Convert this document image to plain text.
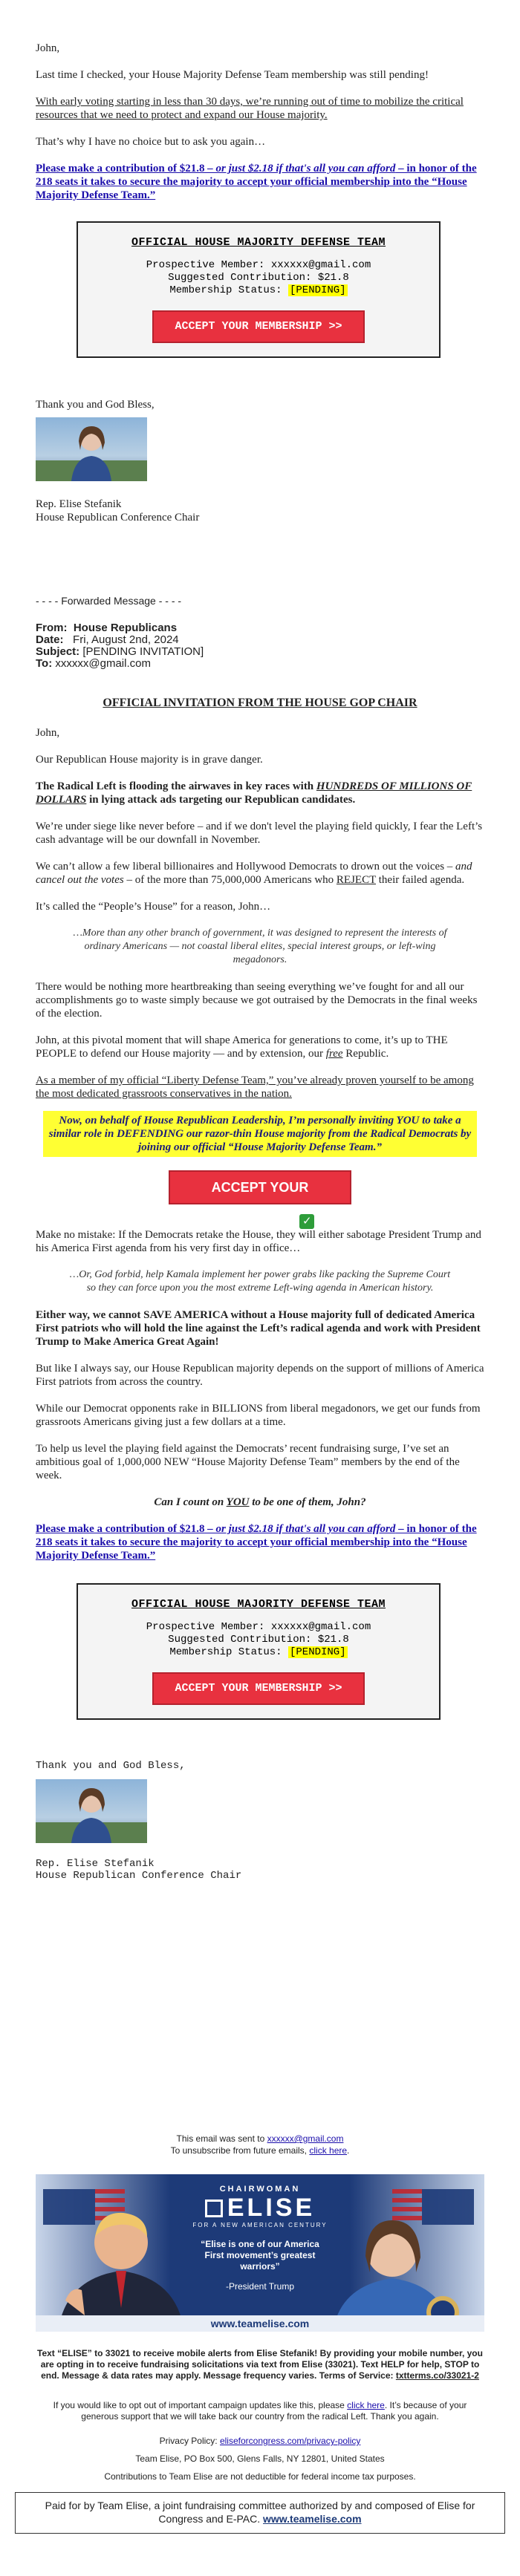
John,

Last time I checked, your House Majority Defense Team membership was still pending!

With early voting starting in less than 30 days, we’re running out of time to mobilize the critical resources that we need to protect and expand our House majority.

That’s why I have no choice but to ask you again…

Please make a contribution of $21.8 – or just $2.18 if that's all you can afford – in honor of the 218 seats it takes to secure the majority to accept your official membership into the “House Majority Defense Team.”

OFFICIAL HOUSE MAJORITY DEFENSE TEAM
Prospective Member: xxxxxx@gmail.com
Suggested Contribution: $21.8
Membership Status: [PENDING]
ACCEPT YOUR MEMBERSHIP >>

Thank you and God Bless,

Rep. Elise Stefanik

House Republican Conference Chair

- - - - Forwarded Message - - - -

From: House Republicans
Date: Fri, August 2nd, 2024
Subject: [PENDING INVITATION]
To: xxxxxx@gmail.com

OFFICIAL INVITATION FROM THE HOUSE GOP CHAIR

John,

Our Republican House majority is in grave danger.

The Radical Left is flooding the airwaves in key races with HUNDREDS OF MILLIONS OF DOLLARS in lying attack ads targeting our Republican candidates.

We’re under siege like never before – and if we don't level the playing field quickly, I fear the Left’s cash advantage will be our downfall in November.

We can’t allow a few liberal billionaires and Hollywood Democrats to drown out the voices – and cancel out the votes – of the more than 75,000,000 Americans who REJECT their failed agenda.

It’s called the “People’s House” for a reason, John…

…More than any other branch of government, it was designed to represent the interests of ordinary Americans — not coastal liberal elites, special interest groups, or left-wing megadonors.

There would be nothing more heartbreaking than seeing everything we’ve fought for and all our accomplishments go to waste simply because we got outraised by the Democrats in the final weeks of the election.

John, at this pivotal moment that will shape America for generations to come, it’s up to THE PEOPLE to defend our House majority — and by extension, our free Republic.

As a member of my official “Liberty Defense Team,” you’ve already proven yourself to be among the most dedicated grassroots conservatives in the nation.

Now, on behalf of House Republican Leadership, I’m personally inviting YOU to take a similar role in DEFENDING our razor-thin House majority from the Radical Democrats by joining our official “House Majority Defense Team.”

ACCEPT YOUR MEMBERSHIP ✓

Make no mistake: If the Democrats retake the House, they will either sabotage President Trump and his America First agenda from his very first day in office…

…Or, God forbid, help Kamala implement her power grabs like packing the Supreme Court so they can force upon you the most extreme Left-wing agenda in American history.

Either way, we cannot SAVE AMERICA without a House majority full of dedicated America First patriots who will hold the line against the Left’s radical agenda and work with President Trump to Make America Great Again!

But like I always say, our House Republican majority depends on the support of millions of America First patriots from across the country.

While our Democrat opponents rake in BILLIONS from liberal megadonors, we get our funds from grassroots Americans giving just a few dollars at a time.

To help us level the playing field against the Democrats’ recent fundraising surge, I’ve set an ambitious goal of 1,000,000 NEW “House Majority Defense Team” members by the end of the week.

Can I count on YOU to be one of them, John?

Please make a contribution of $21.8 – or just $2.18 if that's all you can afford – in honor of the 218 seats it takes to secure the majority to accept your official membership into the “House Majority Defense Team.”

OFFICIAL HOUSE MAJORITY DEFENSE TEAM
Prospective Member: xxxxxx@gmail.com
Suggested Contribution: $21.8
Membership Status: [PENDING]
ACCEPT YOUR MEMBERSHIP >>

Thank you and God Bless,

Rep. Elise Stefanik

House Republican Conference Chair

This email was sent to xxxxxx@gmail.com

To unsubscribe from future emails, click here.

CHAIRWOMAN
ELISE
FOR A NEW AMERICAN CENTURY
“Elise is one of our America First movement’s greatest warriors”
-President Trump
www.teamelise.com

Text “ELISE” to 33021 to receive mobile alerts from Elise Stefanik! By providing your mobile number, you are opting in to receive fundraising solicitations via text from Elise (33021). Text HELP for help, STOP to end. Message & data rates may apply. Message frequency varies. Terms of Service: txtterms.co/33021-2

If you would like to opt out of important campaign updates like this, please click here. It’s because of your generous support that we will take back our country from the radical Left. Thank you again.

Privacy Policy: eliseforcongress.com/privacy-policy

Team Elise, PO Box 500, Glens Falls, NY 12801, United States

Contributions to Team Elise are not deductible for federal income tax purposes.

Paid for by Team Elise, a joint fundraising committee authorized by and composed of Elise for Congress and E-PAC. www.teamelise.com
